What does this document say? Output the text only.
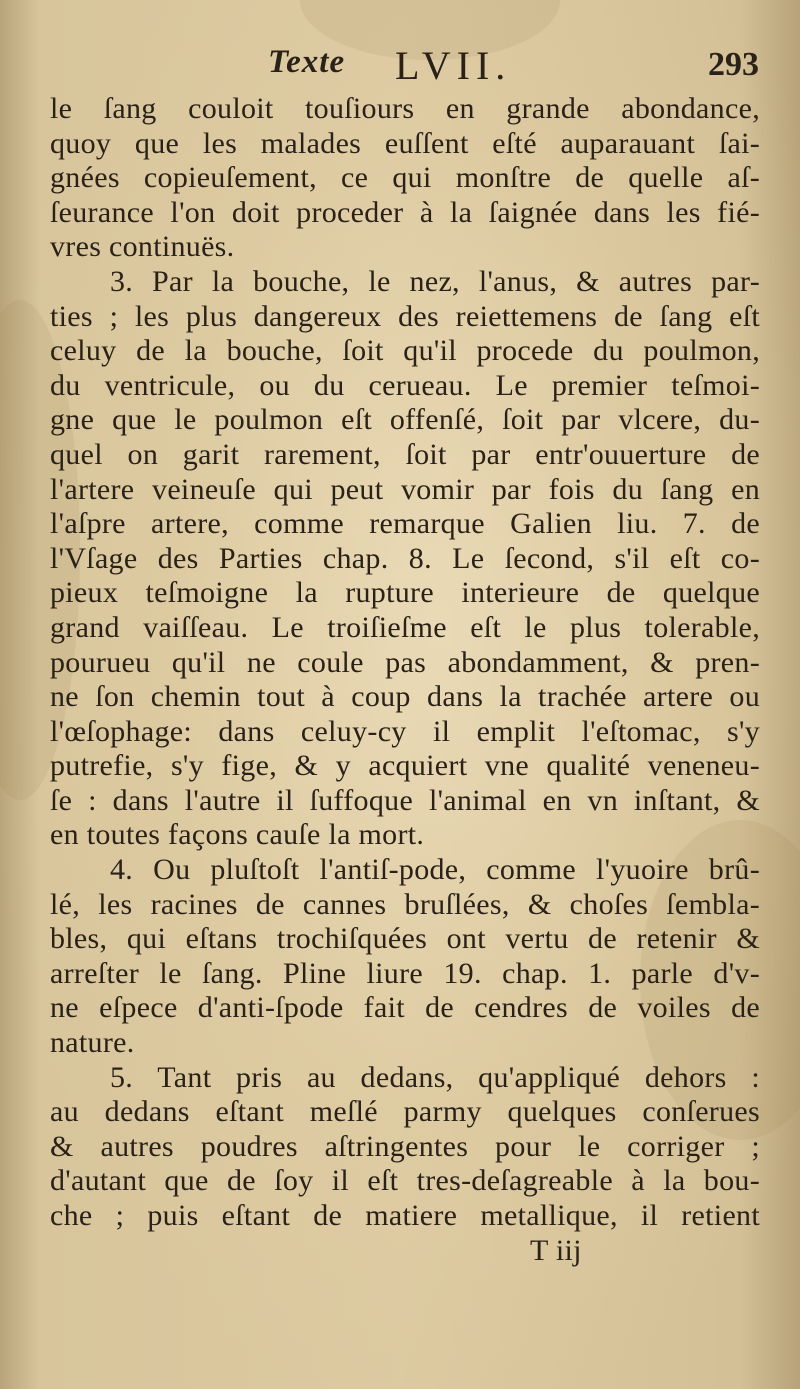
Texte LVII.	293
le ſang couloit touſiours en grande abondance,
quoy que les malades euſſent eſté auparauant ſai-
gnées copieuſement, ce qui monſtre de quelle aſ-
ſeurance l'on doit proceder à la ſaignée dans les fié-
vres continuës.
3. Par la bouche, le nez, l'anus, & autres par-
ties ; les plus dangereux des reiettemens de ſang eſt
celuy de la bouche, ſoit qu'il procede du poulmon,
du ventricule, ou du cerueau. Le premier teſmoi-
gne que le poulmon eſt offenſé, ſoit par vlcere, du-
quel on garit rarement, ſoit par entr'ouuerture de
l'artere veineuſe qui peut vomir par fois du ſang en
l'aſpre artere, comme remarque Galien liu. 7. de
l'Vſage des Parties chap. 8. Le ſecond, s'il eſt co-
pieux teſmoigne la rupture interieure de quelque
grand vaiſſeau. Le troiſieſme eſt le plus tolerable,
pourueu qu'il ne coule pas abondamment, & pren-
ne ſon chemin tout à coup dans la trachée artere ou
l'œſophage: dans celuy-cy il emplit l'eſtomac, s'y
putrefie, s'y fige, & y acquiert vne qualité veneneu-
ſe : dans l'autre il ſuffoque l'animal en vn inſtant, &
en toutes façons cauſe la mort.
4. Ou pluſtoſt l'antiſ-pode, comme l'yuoire brû-
lé, les racines de cannes bruſlées, & choſes ſembla-
bles, qui eſtans trochiſquées ont vertu de retenir &
arreſter le ſang. Pline liure 19. chap. 1. parle d'v-
ne eſpece d'anti-ſpode fait de cendres de voiles de
nature.
5. Tant pris au dedans, qu'appliqué dehors :
au dedans eſtant meſlé parmy quelques conſerues
& autres poudres aſtringentes pour le corriger ;
d'autant que de ſoy il eſt tres-deſagreable à la bou-
che ; puis eſtant de matiere metallique, il retient
T iij
